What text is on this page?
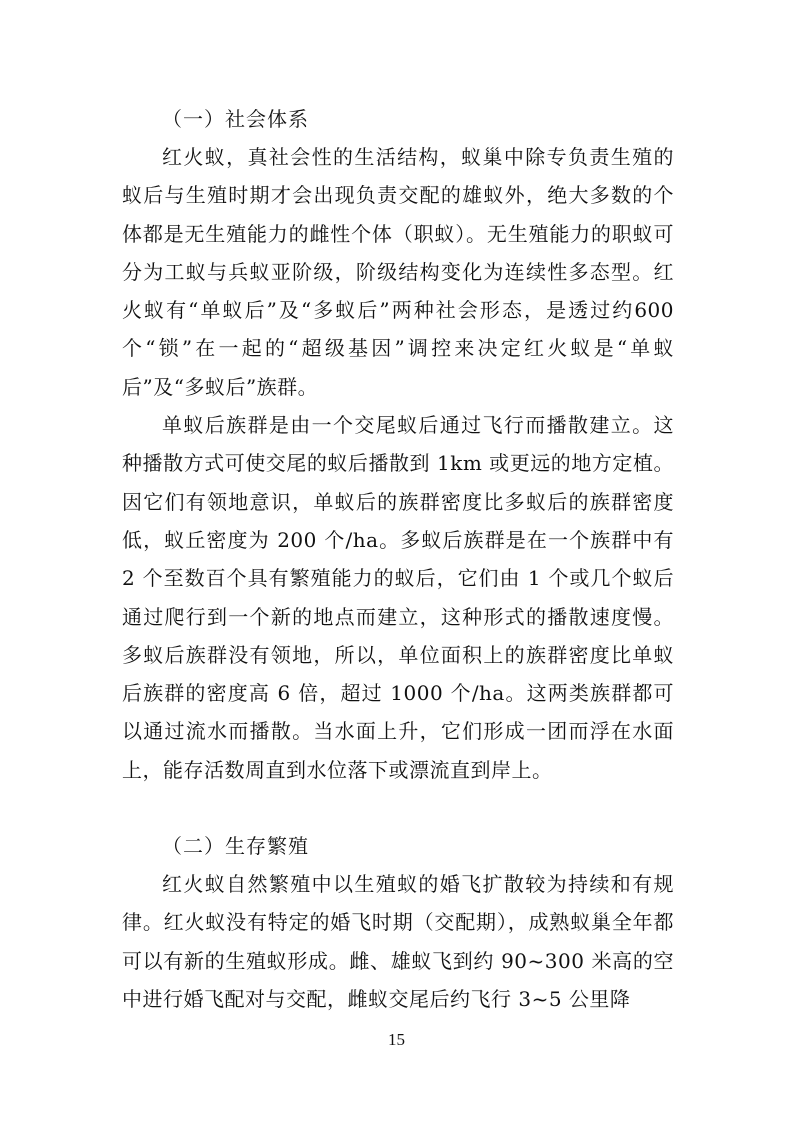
（一）社会体系

红火蚁，真社会性的生活结构，蚁巢中除专负责生殖的蚁后与生殖时期才会出现负责交配的雄蚁外，绝大多数的个体都是无生殖能力的雌性个体（职蚁）。无生殖能力的职蚁可分为工蚁与兵蚁亚阶级，阶级结构变化为连续性多态型。红火蚁有“单蚁后”及“多蚁后”两种社会形态，是透过约600 个“锁”在一起的“超级基因”调控来决定红火蚁是“单蚁后”及“多蚁后”族群。

单蚁后族群是由一个交尾蚁后通过飞行而播散建立。这种播散方式可使交尾的蚁后播散到 1km 或更远的地方定植。因它们有领地意识，单蚁后的族群密度比多蚁后的族群密度低，蚁丘密度为 200 个/ha。多蚁后族群是在一个族群中有 2 个至数百个具有繁殖能力的蚁后，它们由 1 个或几个蚁后通过爬行到一个新的地点而建立，这种形式的播散速度慢。多蚁后族群没有领地，所以，单位面积上的族群密度比单蚁后族群的密度高 6 倍，超过 1000 个/ha。这两类族群都可以通过流水而播散。当水面上升，它们形成一团而浮在水面上，能存活数周直到水位落下或漂流直到岸上。

（二）生存繁殖

红火蚁自然繁殖中以生殖蚁的婚飞扩散较为持续和有规律。红火蚁没有特定的婚飞时期（交配期），成熟蚁巢全年都可以有新的生殖蚁形成。雌、雄蚁飞到约 90~300 米高的空中进行婚飞配对与交配，雌蚁交尾后约飞行 3~5 公里降

15
